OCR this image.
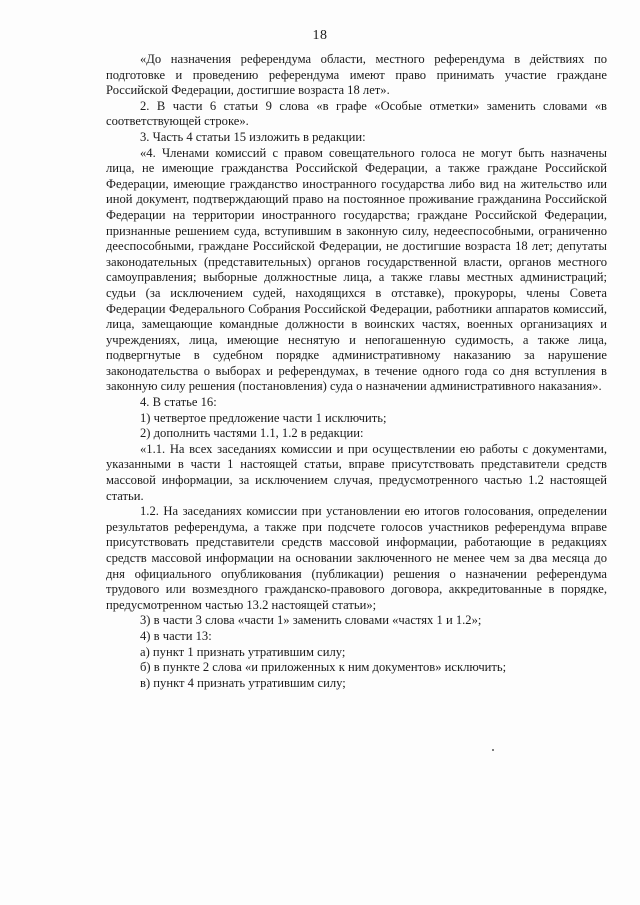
18

«До назначения референдума области, местного референдума в действиях по подготовке и проведению референдума имеют право принимать участие граждане Российской Федерации, достигшие возраста 18 лет».

2. В части 6 статьи 9 слова «в графе «Особые отметки» заменить словами «в соответствующей строке».

3. Часть 4 статьи 15 изложить в редакции:

«4. Членами комиссий с правом совещательного голоса не могут быть назначены лица, не имеющие гражданства Российской Федерации, а также граждане Российской Федерации, имеющие гражданство иностранного государства либо вид на жительство или иной документ, подтверждающий право на постоянное проживание гражданина Российской Федерации на территории иностранного государства; граждане Российской Федерации, признанные решением суда, вступившим в законную силу, недееспособными, ограниченно дееспособными, граждане Российской Федерации, не достигшие возраста 18 лет; депутаты законодательных (представительных) органов государственной власти, органов местного самоуправления; выборные должностные лица, а также главы местных администраций; судьи (за исключением судей, находящихся в отставке), прокуроры, члены Совета Федерации Федерального Собрания Российской Федерации, работники аппаратов комиссий, лица, замещающие командные должности в воинских частях, военных организациях и учреждениях, лица, имеющие неснятую и непогашенную судимость, а также лица, подвергнутые в судебном порядке административному наказанию за нарушение законодательства о выборах и референдумах, в течение одного года со дня вступления в законную силу решения (постановления) суда о назначении административного наказания».

4. В статье 16:

1) четвертое предложение части 1 исключить;

2) дополнить частями 1.1, 1.2 в редакции:

«1.1. На всех заседаниях комиссии и при осуществлении ею работы с документами, указанными в части 1 настоящей статьи, вправе присутствовать представители средств массовой информации, за исключением случая, предусмотренного частью 1.2 настоящей статьи.

1.2. На заседаниях комиссии при установлении ею итогов голосования, определении результатов референдума, а также при подсчете голосов участников референдума вправе присутствовать представители средств массовой информации, работающие в редакциях средств массовой информации на основании заключенного не менее чем за два месяца до дня официального опубликования (публикации) решения о назначении референдума трудового или возмездного гражданско-правового договора, аккредитованные в порядке, предусмотренном частью 13.2 настоящей статьи»;

3) в части 3 слова «части 1» заменить словами «частях 1 и 1.2»;

4) в части 13:

а) пункт 1 признать утратившим силу;

б) в пункте 2 слова «и приложенных к ним документов» исключить;

в) пункт 4 признать утратившим силу;
